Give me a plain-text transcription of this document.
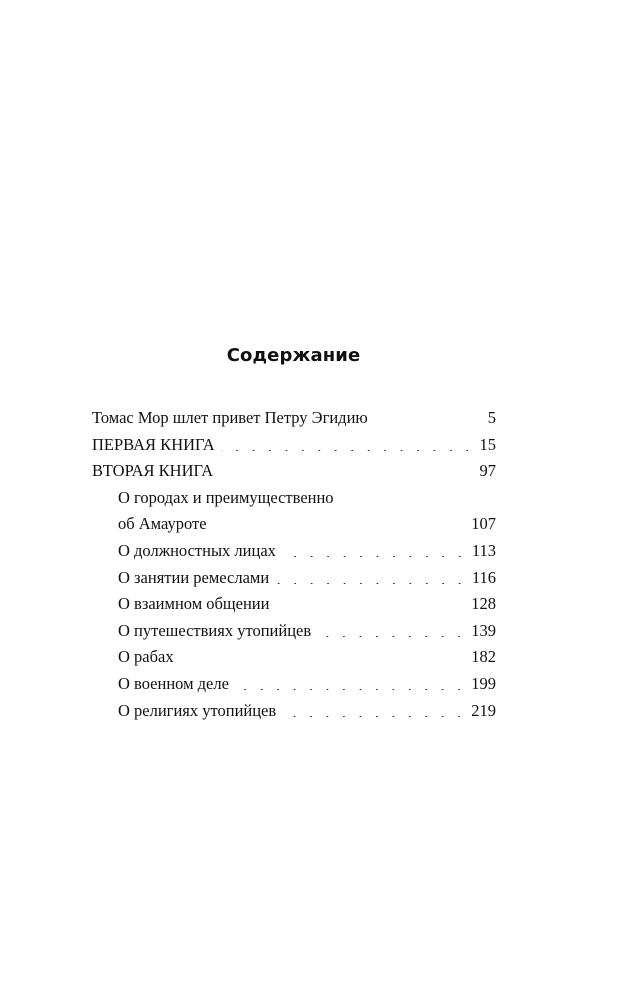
Содержание
Томас Мор шлет привет Петру Эгидию . . .	5
ПЕРВАЯ КНИГА . . .	15
ВТОРАЯ КНИГА . . .	97
О городах и преимущественно
об Амауроте . . .	107
О должностных лицах . . .	113
О занятии ремеслами . . .	116
О взаимном общении . . .	128
О путешествиях утопийцев . . .	139
О рабах . . .	182
О военном деле . . .	199
О религиях утопийцев . . .	219
